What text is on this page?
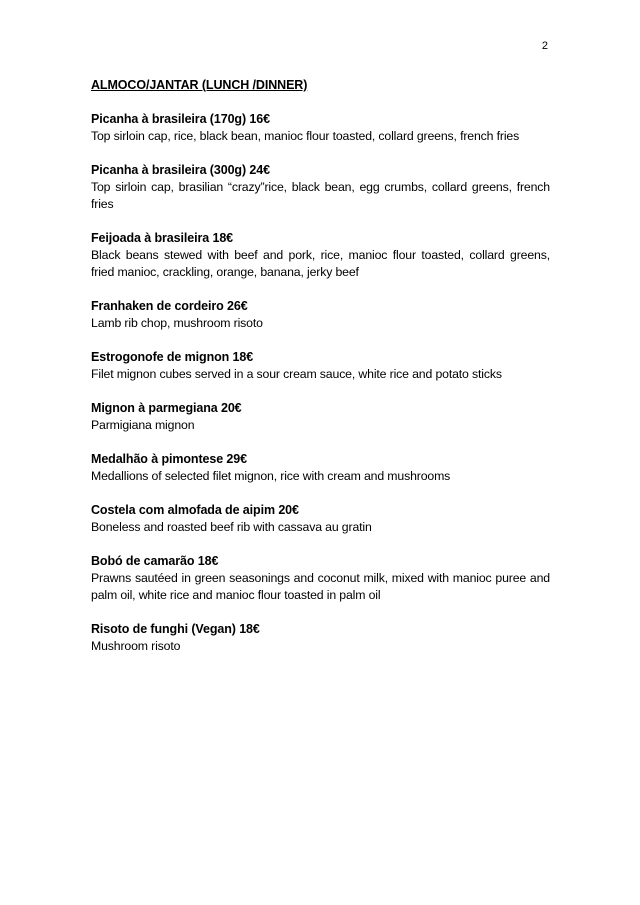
2
ALMOCO/JANTAR (LUNCH /DINNER)
Picanha à brasileira (170g) 16€
Top sirloin cap, rice, black bean, manioc flour toasted, collard greens, french fries
Picanha à brasileira (300g) 24€
Top sirloin cap, brasilian “crazy”rice, black bean, egg crumbs, collard greens, french fries
Feijoada à brasileira 18€
Black beans stewed with beef and pork, rice, manioc flour toasted, collard greens, fried manioc, crackling, orange, banana, jerky beef
Franhaken de cordeiro 26€
Lamb rib chop, mushroom risoto
Estrogonofe de mignon 18€
Filet mignon cubes served in a sour cream sauce, white rice and potato sticks
Mignon à parmegiana 20€
Parmigiana mignon
Medalhão à pimontese 29€
Medallions of selected filet mignon, rice with cream and mushrooms
Costela com almofada de aipim 20€
Boneless and roasted beef rib with cassava au gratin
Bobó de camarão 18€
Prawns sautéed in green seasonings and coconut milk, mixed with manioc puree and palm oil, white rice and manioc flour toasted in palm oil
Risoto de funghi (Vegan) 18€
Mushroom risoto
